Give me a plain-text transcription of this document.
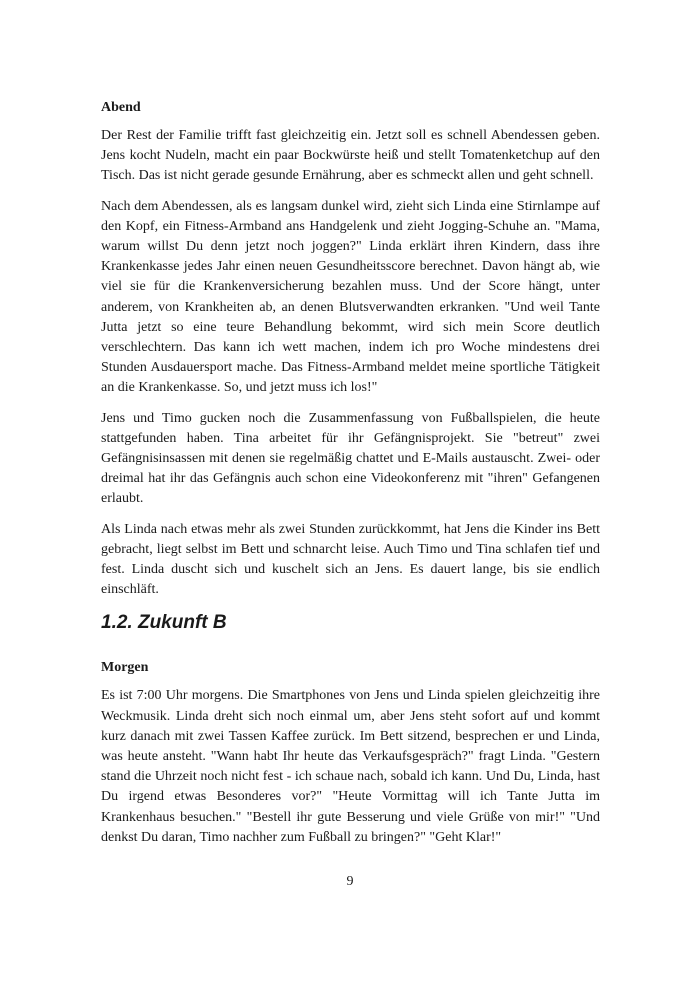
Abend

Der Rest der Familie trifft fast gleichzeitig ein. Jetzt soll es schnell Abendessen geben. Jens kocht Nudeln, macht ein paar Bockwürste heiß und stellt Tomatenketchup auf den Tisch. Das ist nicht gerade gesunde Ernährung, aber es schmeckt allen und geht schnell.

Nach dem Abendessen, als es langsam dunkel wird, zieht sich Linda eine Stirnlampe auf den Kopf, ein Fitness-Armband ans Handgelenk und zieht Jogging-Schuhe an. "Mama, warum willst Du denn jetzt noch joggen?" Linda erklärt ihren Kindern, dass ihre Krankenkasse jedes Jahr einen neuen Gesundheitsscore berechnet. Davon hängt ab, wie viel sie für die Krankenversicherung bezahlen muss. Und der Score hängt, unter anderem, von Krankheiten ab, an denen Blutsverwandten erkranken. "Und weil Tante Jutta jetzt so eine teure Behandlung bekommt, wird sich mein Score deutlich verschlechtern. Das kann ich wett machen, indem ich pro Woche mindestens drei Stunden Ausdauersport mache. Das Fitness-Armband meldet meine sportliche Tätigkeit an die Krankenkasse. So, und jetzt muss ich los!"

Jens und Timo gucken noch die Zusammenfassung von Fußballspielen, die heute stattgefunden haben. Tina arbeitet für ihr Gefängnisprojekt. Sie "betreut" zwei Gefängnisinsassen mit denen sie regelmäßig chattet und E-Mails austauscht. Zwei- oder dreimal hat ihr das Gefängnis auch schon eine Videokonferenz mit "ihren" Gefangenen erlaubt.

Als Linda nach etwas mehr als zwei Stunden zurückkommt, hat Jens die Kinder ins Bett gebracht, liegt selbst im Bett und schnarcht leise. Auch Timo und Tina schlafen tief und fest. Linda duscht sich und kuschelt sich an Jens. Es dauert lange, bis sie endlich einschläft.

1.2. Zukunft B
Morgen

Es ist 7:00 Uhr morgens. Die Smartphones von Jens und Linda spielen gleichzeitig ihre Weckmusik. Linda dreht sich noch einmal um, aber Jens steht sofort auf und kommt kurz danach mit zwei Tassen Kaffee zurück. Im Bett sitzend, besprechen er und Linda, was heute ansteht. "Wann habt Ihr heute das Verkaufsgespräch?" fragt Linda. "Gestern stand die Uhrzeit noch nicht fest - ich schaue nach, sobald ich kann. Und Du, Linda, hast Du irgend etwas Besonderes vor?" "Heute Vormittag will ich Tante Jutta im Krankenhaus besuchen." "Bestell ihr gute Besserung und viele Grüße von mir!" "Und denkst Du daran, Timo nachher zum Fußball zu bringen?" "Geht Klar!"

9
